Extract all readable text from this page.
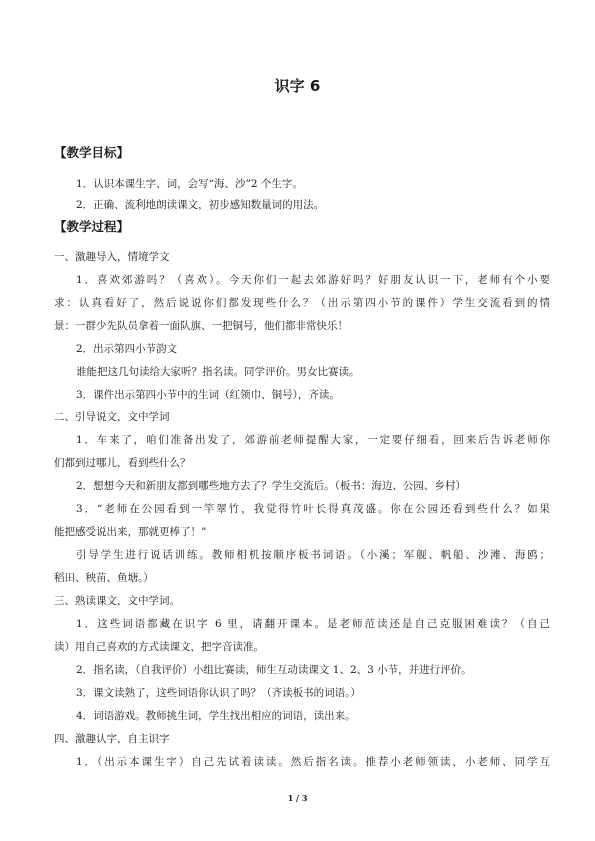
识字 6
【教学目标】
1．认识本课生字、词，会写“海、沙”2 个生字。
2．正确、流利地朗读课文，初步感知数量词的用法。
【教学过程】
一、激趣导入，情境学文
1．喜欢郊游吗？（喜欢）。今天你们一起去郊游好吗？好朋友认识一下，老师有个小要
求：认真看好了，然后说说你们都发现些什么？（出示第四小节的课件）学生交流看到的情
景：一群少先队员拿着一面队旗、一把铜号，他们都非常快乐！
2．出示第四小节韵文
谁能把这几句读给大家听？指名读。同学评价。男女比赛读。
3．课件出示第四小节中的生词（红领巾、铜号），齐读。
二、引导说文，文中学词
1．车来了，咱们准备出发了，郊游前老师提醒大家，一定要仔细看，回来后告诉老师你
们都到过哪儿，看到些什么？
2．想想今天和新朋友都到哪些地方去了？学生交流后。（板书：海边、公园、乡村）
3．“老师在公园看到一竿翠竹，我觉得竹叶长得真茂盛。你在公园还看到些什么？如果
能把感受说出来，那就更棒了！”
引导学生进行说话训练。教师相机按顺序板书词语。（小溪；军舰、帆船、沙滩、海鸥；
稻田、秧苗、鱼塘。）
三、熟读课文，文中学词。
1．这些词语都藏在识字 6 里，请翻开课本。是老师范读还是自己克服困难读？（自己
读）用自己喜欢的方式读课文，把字音读准。
2．指名读，（自我评价）小组比赛读，师生互动读课文 1、2、3 小节，并进行评价。
3．课文读熟了，这些词语你认识了吗？（齐读板书的词语。）
4．词语游戏。教师挑生词，学生找出相应的词语，读出来。
四、激趣认字，自主识字
1．（出示本课生字）自己先试着读读。然后指名读。推荐小老师领读，小老师、同学互
1 / 3
